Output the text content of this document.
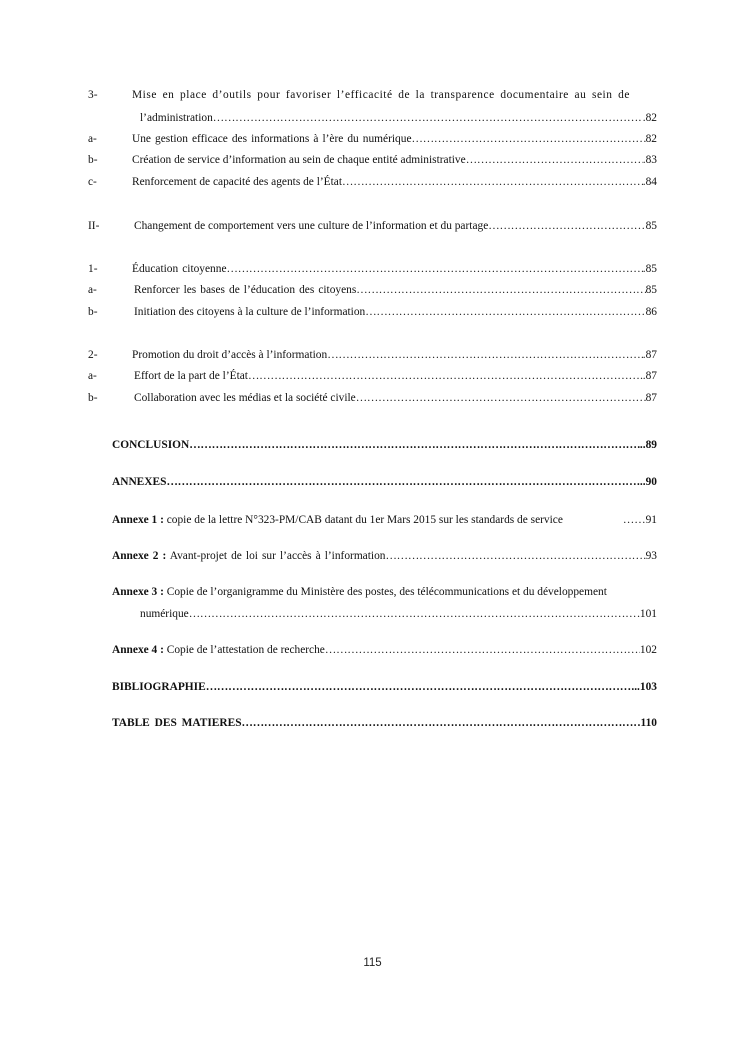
3-	Mise en place d’outils pour favoriser l’efficacité de la transparence documentaire au sein de
l’administration ……………………………………………………………………………………………………………………………………………………………………………………………………………………………………………………………………	.82
a-	Une gestion efficace des informations à l’ère du numérique ……………………………………………………………………………………………………………………………………………………………………………………………………………………………………………………………………	82
b-	Création de service d’information au sein de chaque entité administrative ……………………………………………………………………………………………………………………………………………………………………………………………………………………………………………………………………	.83
c-	Renforcement de capacité des agents de l’État ……………………………………………………………………………………………………………………………………………………………………………………………………………………………………………………………………	.84
II-	Changement de comportement vers une culture de l’information et du partage ……………………………………………………………………………………………………………………………………………………………………………………………………………………………………………………………………	85
1-	Éducation citoyenne ……………………………………………………………………………………………………………………………………………………………………………………………………………………………………………………………………	.85
a-	Renforcer les bases de l’éducation des citoyens ……………………………………………………………………………………………………………………………………………………………………………………………………………………………………………………………………	85
b-	Initiation des citoyens à la culture de l’information ……………………………………………………………………………………………………………………………………………………………………………………………………………………………………………………………………	86
2-	Promotion du droit d’accès à l’information ……………………………………………………………………………………………………………………………………………………………………………………………………………………………………………………………………	.87
a-	Effort de la part de l’État ……………………………………………………………………………………………………………………………………………………………………………………………………………………………………………………………………	.87
b-	Collaboration avec les médias et la société civile ……………………………………………………………………………………………………………………………………………………………………………………………………………………………………………………………………	87
CONCLUSION ……………………………………………………………………………………………………………………………………………………………………………………………………………………………………………………………………	..89
ANNEXES ……………………………………………………………………………………………………………………………………………………………………………………………………………………………………………………………………	..90
Annexe 1 : copie de la lettre N°323-PM/CAB datant du 1er Mars 2015 sur les standards de service	……91
Annexe 2 : Avant-projet de loi sur l’accès à l’information ……………………………………………………………………………………………………………………………………………………………………………………………………………………………………………………………………	93
Annexe 3 : Copie de l’organigramme du Ministère des postes, des télécommunications et du développement
numérique ……………………………………………………………………………………………………………………………………………………………………………………………………………………………………………………………………	.101
Annexe 4 : Copie de l’attestation de recherche ……………………………………………………………………………………………………………………………………………………………………………………………………………………………………………………………………	102
BIBLIOGRAPHIE ……………………………………………………………………………………………………………………………………………………………………………………………………………………………………………………………………	...103
TABLE DES MATIERES ……………………………………………………………………………………………………………………………………………………………………………………………………………………………………………………………………	110
115
